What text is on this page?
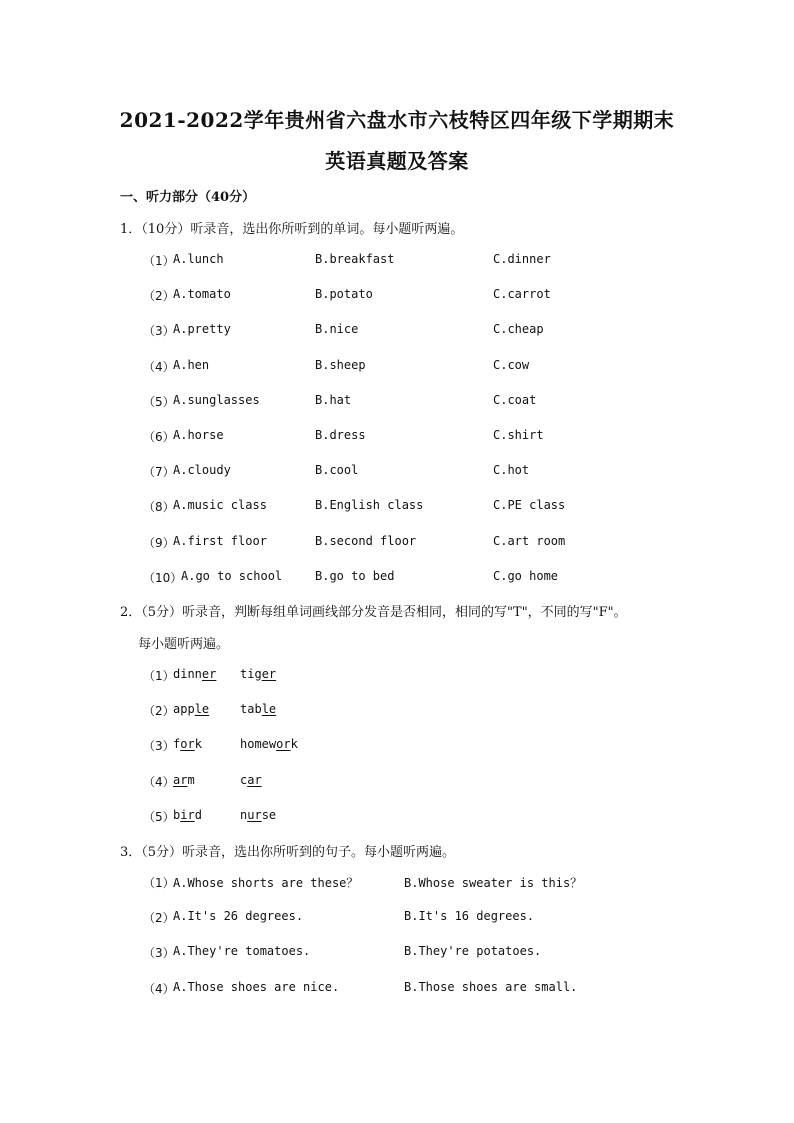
2021-2022学年贵州省六盘水市六枝特区四年级下学期期末
英语真题及答案
一、听力部分（40分）
1．（10分）听录音，选出你所听到的单词。每小题听两遍。
（1）
A.lunch	B.breakfast	C.dinner
（2）
A.tomato	B.potato	C.carrot
（3）
A.pretty	B.nice	C.cheap
（4）
A.hen	B.sheep	C.cow
（5）
A.sunglasses	B.hat	C.coat
（6）
A.horse	B.dress	C.shirt
（7）
A.cloudy	B.cool	C.hot
（8）
A.music class	B.English class	C.PE class
（9）
A.first floor	B.second floor	C.art room
（10）
A.go to school	B.go to bed	C.go home
2．（5分）听录音，判断每组单词画线部分发音是否相同，相同的写"T"，不同的写"F"。
每小题听两遍。
（1）
dinner tiger
（2）
apple	table
（3）
fork	homework
（4）
arm	car
（5）
bird	nurse
3．（5分）听录音，选出你所听到的句子。每小题听两遍。
（1）
A.Whose shorts are these？	B.Whose sweater is this？
（2）
A.It's 26 degrees.	B.It's 16 degrees.
（3）
A.They're tomatoes.	B.They're potatoes.
（4）
A.Those shoes are nice.	B.Those shoes are small.
